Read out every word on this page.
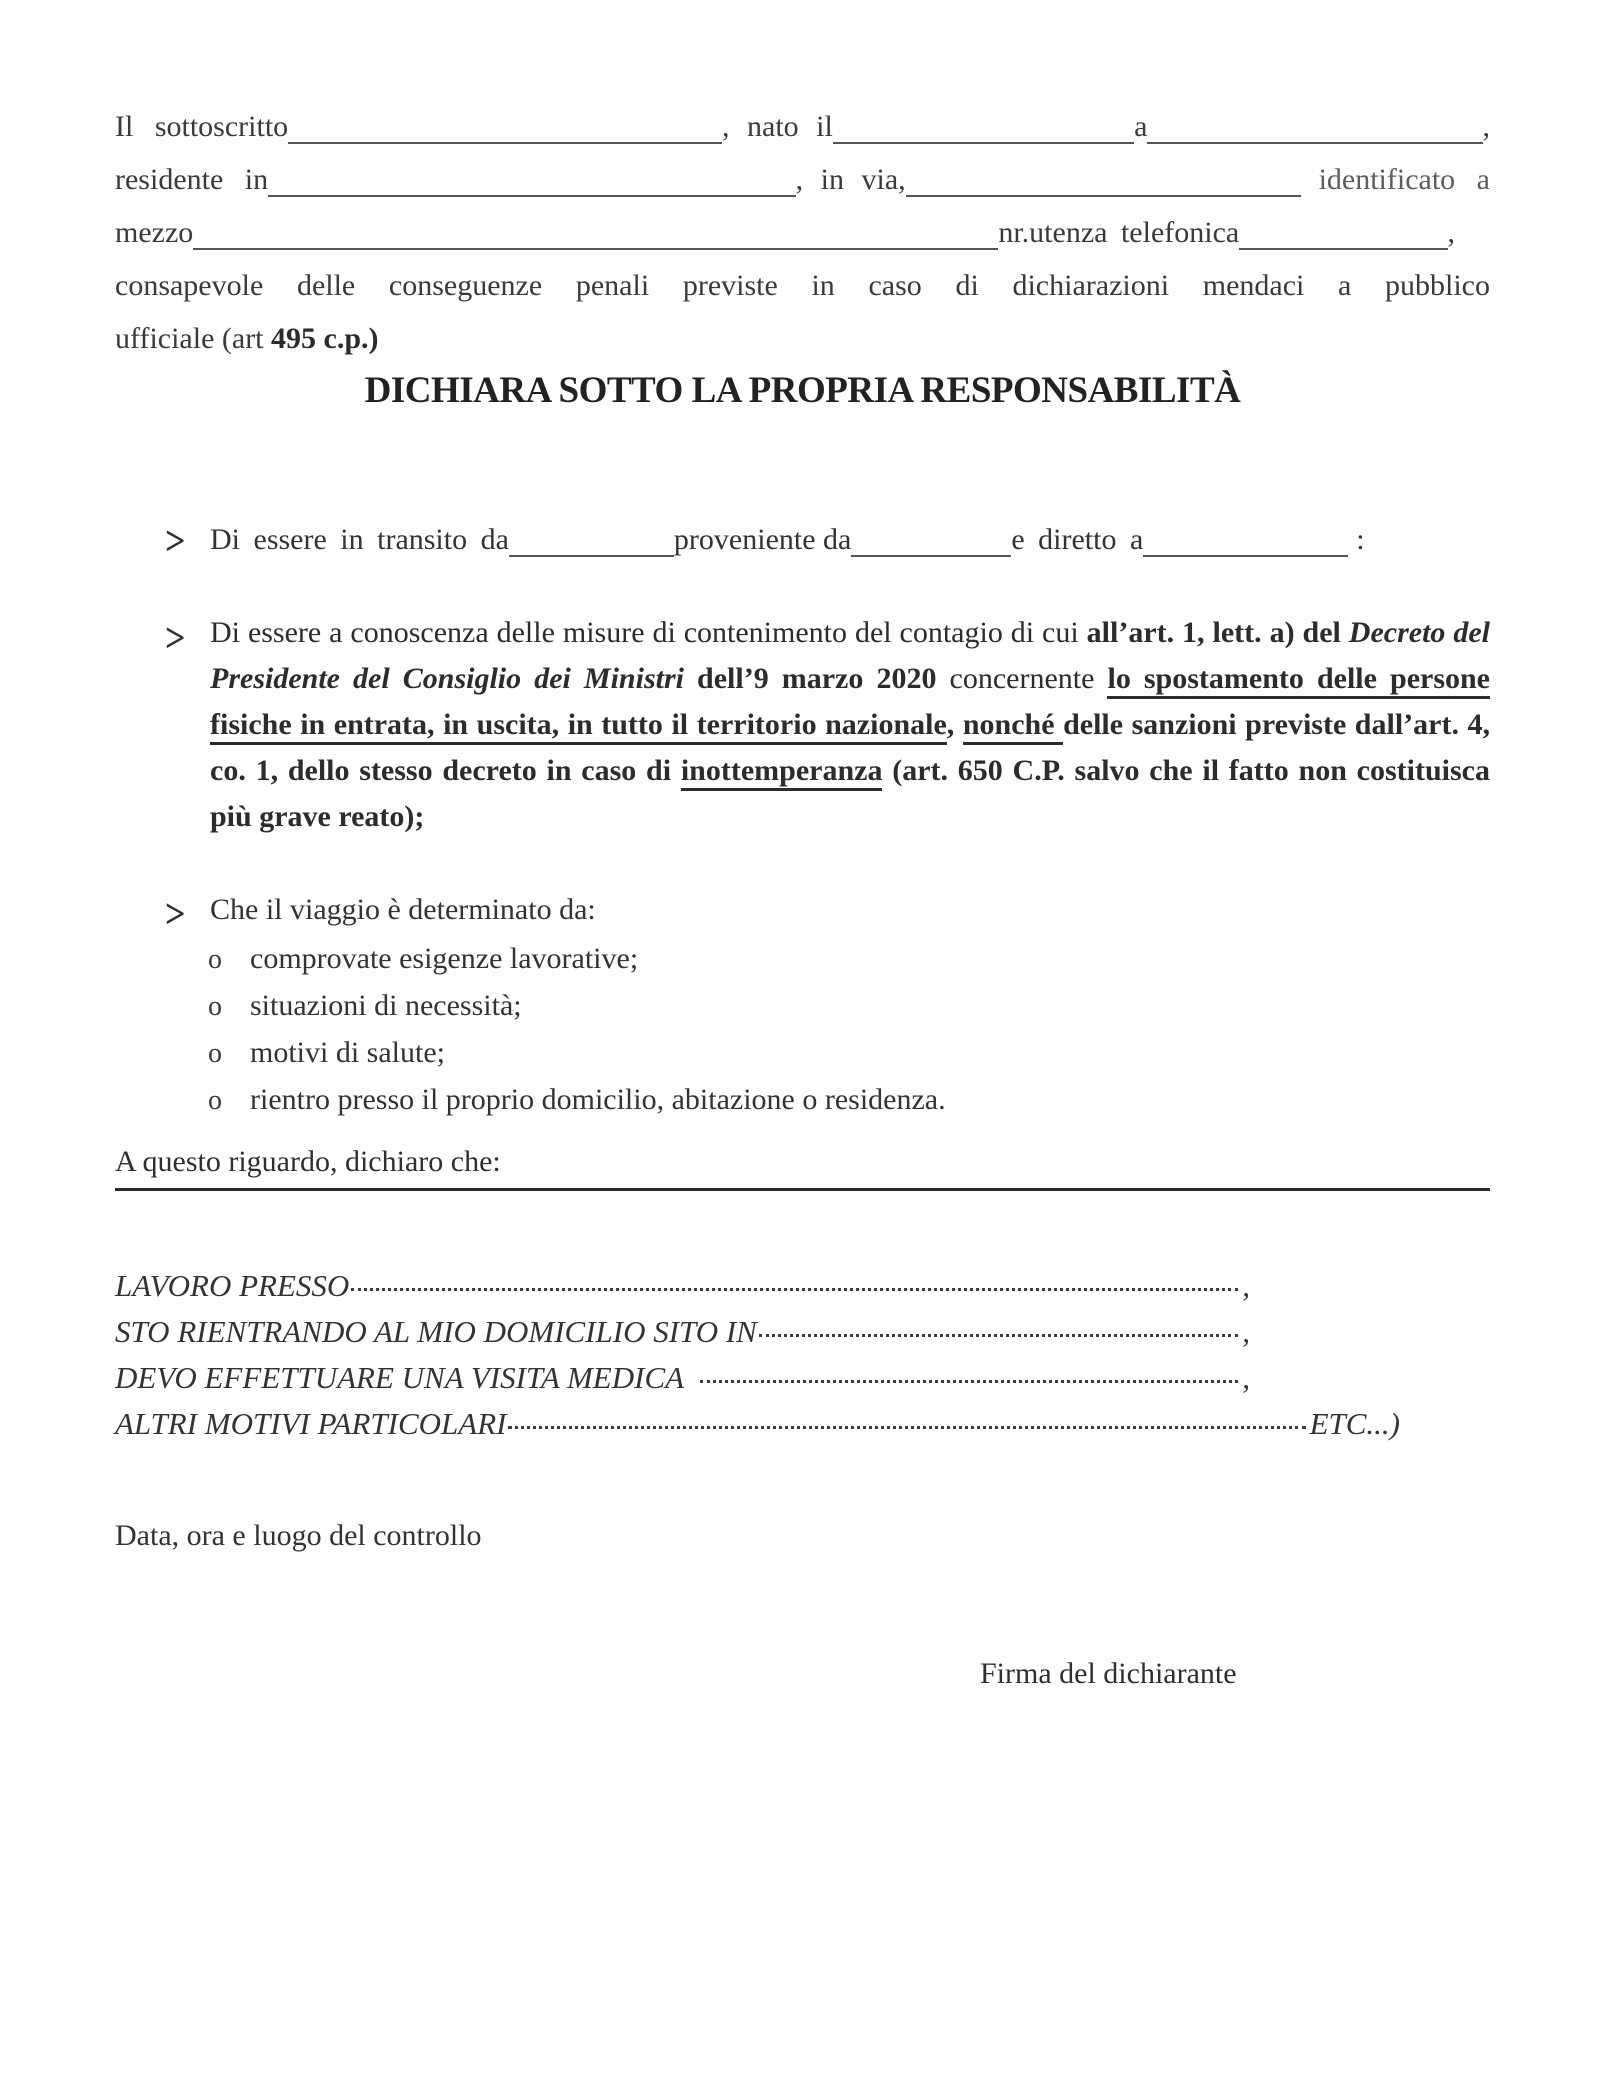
Il sottoscritto	, nato il	a	,

residente in	, in via,	identificato a

mezzo	nr.utenza telefonica	,

consapevole delle conseguenze penali previste in caso di dichiarazioni mendaci a pubblico

ufficiale (art 495 c.p.)

DICHIARA SOTTO LA PROPRIA RESPONSABILITÀ
> Di essere in transito da	proveniente da	e diretto a	:
> Di essere a conoscenza delle misure di contenimento del contagio di cui all’art. 1, lett. a) del Decreto del Presidente del Consiglio dei Ministri dell’9 marzo 2020 concernente lo spostamento delle persone fisiche in entrata, in uscita, in tutto il territorio nazionale, nonché delle sanzioni previste dall’art. 4, co. 1, dello stesso decreto in caso di inottemperanza (art. 650 C.P. salvo che il fatto non costituisca più grave reato);

> Che il viaggio è determinato da:

o comprovate esigenze lavorative;
o situazioni di necessità;
o motivi di salute;
o rientro presso il proprio domicilio, abitazione o residenza.

A questo riguardo, dichiaro che:

LAVORO PRESSO	,
STO RIENTRANDO AL MIO DOMICILIO SITO IN	,
DEVO EFFETTUARE UNA VISITA MEDICA	,
ALTRI MOTIVI PARTICOLARI	ETC...)

Data, ora e luogo del controllo

Firma del dichiarante
